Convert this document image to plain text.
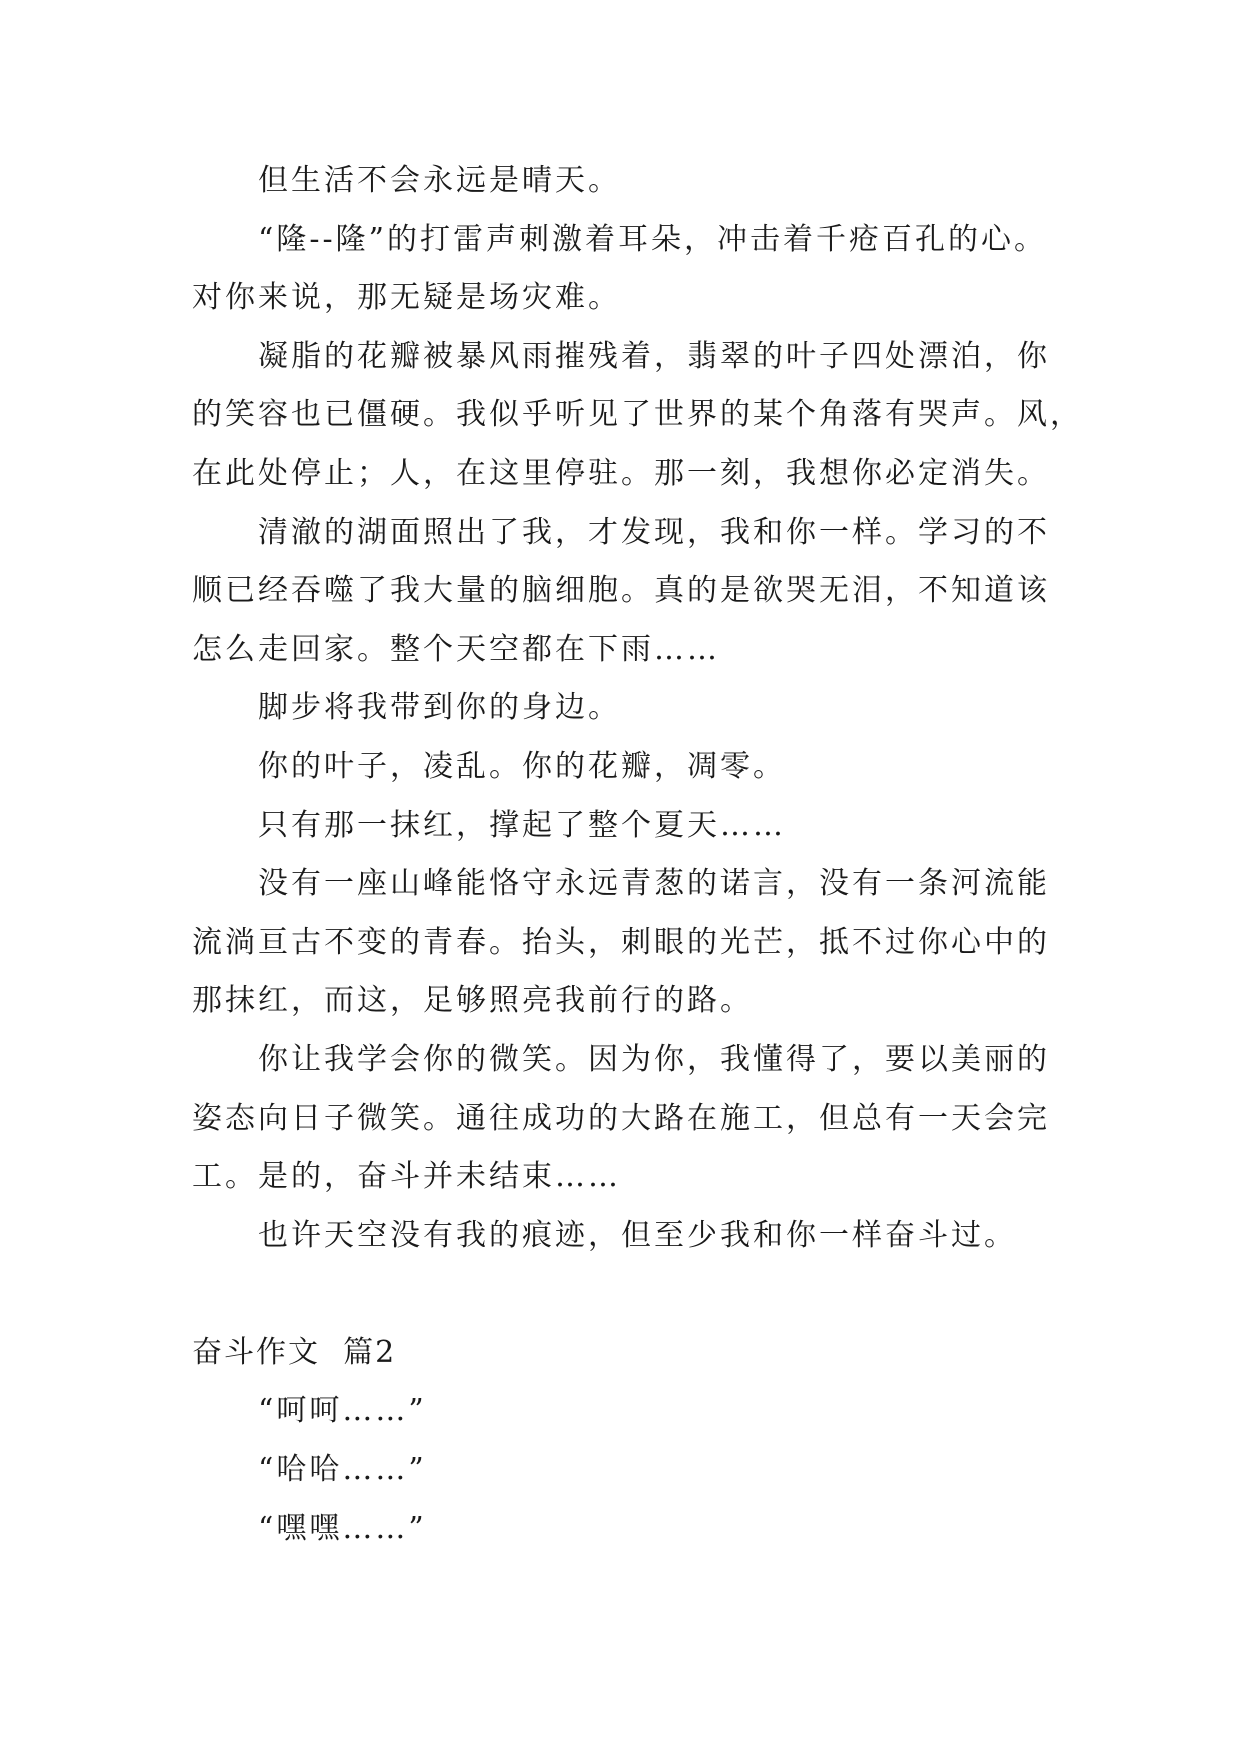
但生活不会永远是晴天。
“隆--隆”的打雷声刺激着耳朵，冲击着千疮百孔的心。
对你来说，那无疑是场灾难。
凝脂的花瓣被暴风雨摧残着，翡翠的叶子四处漂泊，你
的笑容也已僵硬。我似乎听见了世界的某个角落有哭声。风，
在此处停止；人，在这里停驻。那一刻，我想你必定消失。
清澈的湖面照出了我，才发现，我和你一样。学习的不
顺已经吞噬了我大量的脑细胞。真的是欲哭无泪，不知道该
怎么走回家。整个天空都在下雨……
脚步将我带到你的身边。
你的叶子，凌乱。你的花瓣，凋零。
只有那一抹红，撑起了整个夏天……
没有一座山峰能恪守永远青葱的诺言，没有一条河流能
流淌亘古不变的青春。抬头，刺眼的光芒，抵不过你心中的
那抹红，而这，足够照亮我前行的路。
你让我学会你的微笑。因为你，我懂得了，要以美丽的
姿态向日子微笑。通往成功的大路在施工，但总有一天会完
工。是的，奋斗并未结束……
也许天空没有我的痕迹，但至少我和你一样奋斗过。
奋斗作文  篇2
“呵呵……”
“哈哈……”
“嘿嘿……”
